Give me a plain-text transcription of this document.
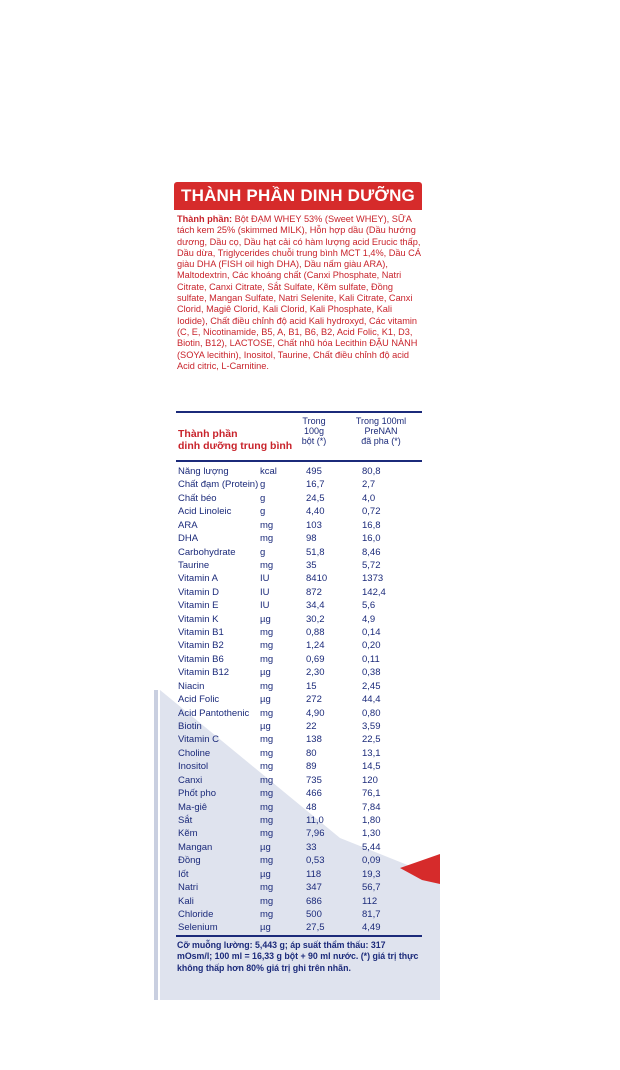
THÀNH PHẦN DINH DƯỠNG
Thành phần: Bột ĐẠM WHEY 53% (Sweet WHEY), SỮA tách kem 25% (skimmed MILK), Hỗn hợp dầu (Dầu hướng dương, Dầu cọ, Dầu hạt cải có hàm lượng acid Erucic thấp, Dầu dừa, Triglycerides chuỗi trung bình MCT 1,4%, Dầu CÁ giàu DHA (FISH oil high DHA), Dầu nấm giàu ARA), Maltodextrin, Các khoáng chất (Canxi Phosphate, Natri Citrate, Canxi Citrate, Sắt Sulfate, Kẽm sulfate, Đồng sulfate, Mangan Sulfate, Natri Selenite, Kali Citrate, Canxi Clorid, Magiê Clorid, Kali Clorid, Kali Phosphate, Kali Iodide), Chất điều chỉnh độ acid Kali hydroxyd, Các vitamin (C, E, Nicotinamide, B5, A, B1, B6, B2, Acid Folic, K1, D3, Biotin, B12), LACTOSE, Chất nhũ hóa Lecithin ĐẬU NÀNH (SOYA lecithin), Inositol, Taurine, Chất điều chỉnh độ acid Acid citric, L-Carnitine.
Thành phần
dinh dưỡng trung bình
Trong
100g
bột (*)
Trong 100ml
PreNAN
đã pha (*)
Năng lượng	kcal	495	80,8
Chất đạm (Protein) g	16,7	2,7
Chất béo	g	24,5	4,0
Acid Linoleic	g	4,40	0,72
ARA	mg	103	16,8
DHA	mg	98	16,0
Carbohydrate	g	51,8	8,46
Taurine	mg	35	5,72
Vitamin A	IU	8410	1373
Vitamin D	IU	872	142,4
Vitamin E	IU	34,4	5,6
Vitamin K	µg	30,2	4,9
Vitamin B1	mg	0,88	0,14
Vitamin B2	mg	1,24	0,20
Vitamin B6	mg	0,69	0,11
Vitamin B12	µg	2,30	0,38
Niacin	mg	15	2,45
Acid Folic	µg	272	44,4
Acid Pantothenic	mg	4,90	0,80
Biotin	µg	22	3,59
Vitamin C	mg	138	22,5
Choline	mg	80	13,1
Inositol	mg	89	14,5
Canxi	mg	735	120
Phốt pho	mg	466	76,1
Ma-giê	mg	48	7,84
Sắt	mg	11,0	1,80
Kẽm	mg	7,96	1,30
Mangan	µg	33	5,44
Đồng	mg	0,53	0,09
Iốt	µg	118	19,3
Natri	mg	347	56,7
Kali	mg	686	112
Chloride	mg	500	81,7
Selenium	µg	27,5	4,49
Cỡ muỗng lường: 5,443 g; áp suất thẩm thấu: 317 mOsm/l; 100 ml = 16,33 g bột + 90 ml nước. (*) giá trị thực không thấp hơn 80% giá trị ghi trên nhãn.
